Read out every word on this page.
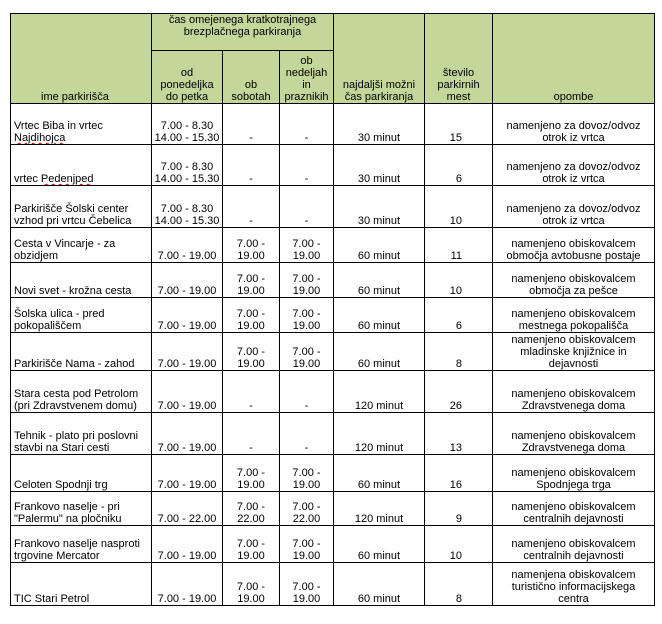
ime parkirišča	čas omejenega kratkotrajnega brezplačnega parkiranja			najdaljši možni čas parkiranja	število parkirnih mest	opombe
	od ponedeljka do petka	ob sobotah	ob nedeljah in praznikih			
Vrtec Biba in vrtec Najdihojca	7.00 - 8.30 14.00 - 15.30	-	-	30 minut	15	namenjeno za dovoz/odvoz otrok iz vrtca
vrtec Pedenjped	7.00 - 8.30 14.00 - 15.30	-	-	30 minut	6	namenjeno za dovoz/odvoz otrok iz vrtca
Parkirišče Šolski center vzhod pri vrtcu Čebelica	7.00 - 8.30 14.00 - 15.30	-	-	30 minut	10	namenjeno za dovoz/odvoz otrok iz vrtca
Cesta v Vincarje - za obzidjem	7.00 - 19.00	7.00 - 19.00	7.00 - 19.00	60 minut	11	namenjeno obiskovalcem območja avtobusne postaje
Novi svet - krožna cesta	7.00 - 19.00	7.00 - 19.00	7.00 - 19.00	60 minut	10	namenjeno obiskovalcem območja za pešce
Šolska ulica - pred pokopališčem	7.00 - 19.00	7.00 - 19.00	7.00 - 19.00	60 minut	6	namenjeno obiskovalcem mestnega pokopališča
Parkirišče Nama - zahod	7.00 - 19.00	7.00 - 19.00	7.00 - 19.00	60 minut	8	namenjeno obiskovalcem mladinske knjižnice in dejavnosti
Stara cesta pod Petrolom (pri Zdravstvenem domu)	7.00 - 19.00	-	-	120 minut	26	namenjeno obiskovalcem Zdravstvenega doma
Tehnik - plato pri poslovni stavbi na Stari cesti	7.00 - 19.00	-	-	120 minut	13	namenjeno obiskovalcem Zdravstvenega doma
Celoten Spodnji trg	7.00 - 19.00	7.00 - 19.00	7.00 - 19.00	60 minut	16	namenjeno obiskovalcem Spodnjega trga
Frankovo naselje - pri "Palermu" na pločniku	7.00 - 22.00	7.00 - 22.00	7.00 - 22.00	120 minut	9	namenjeno obiskovalcem centralnih dejavnosti
Frankovo naselje nasproti trgovine Mercator	7.00 - 19.00	7.00 - 19.00	7.00 - 19.00	60 minut	10	namenjeno obiskovalcem centralnih dejavnosti
TIC Stari Petrol	7.00 - 19.00	7.00 - 19.00	7.00 - 19.00	60 minut	8	namenjena obiskovalcem turistično informacijskega centra
